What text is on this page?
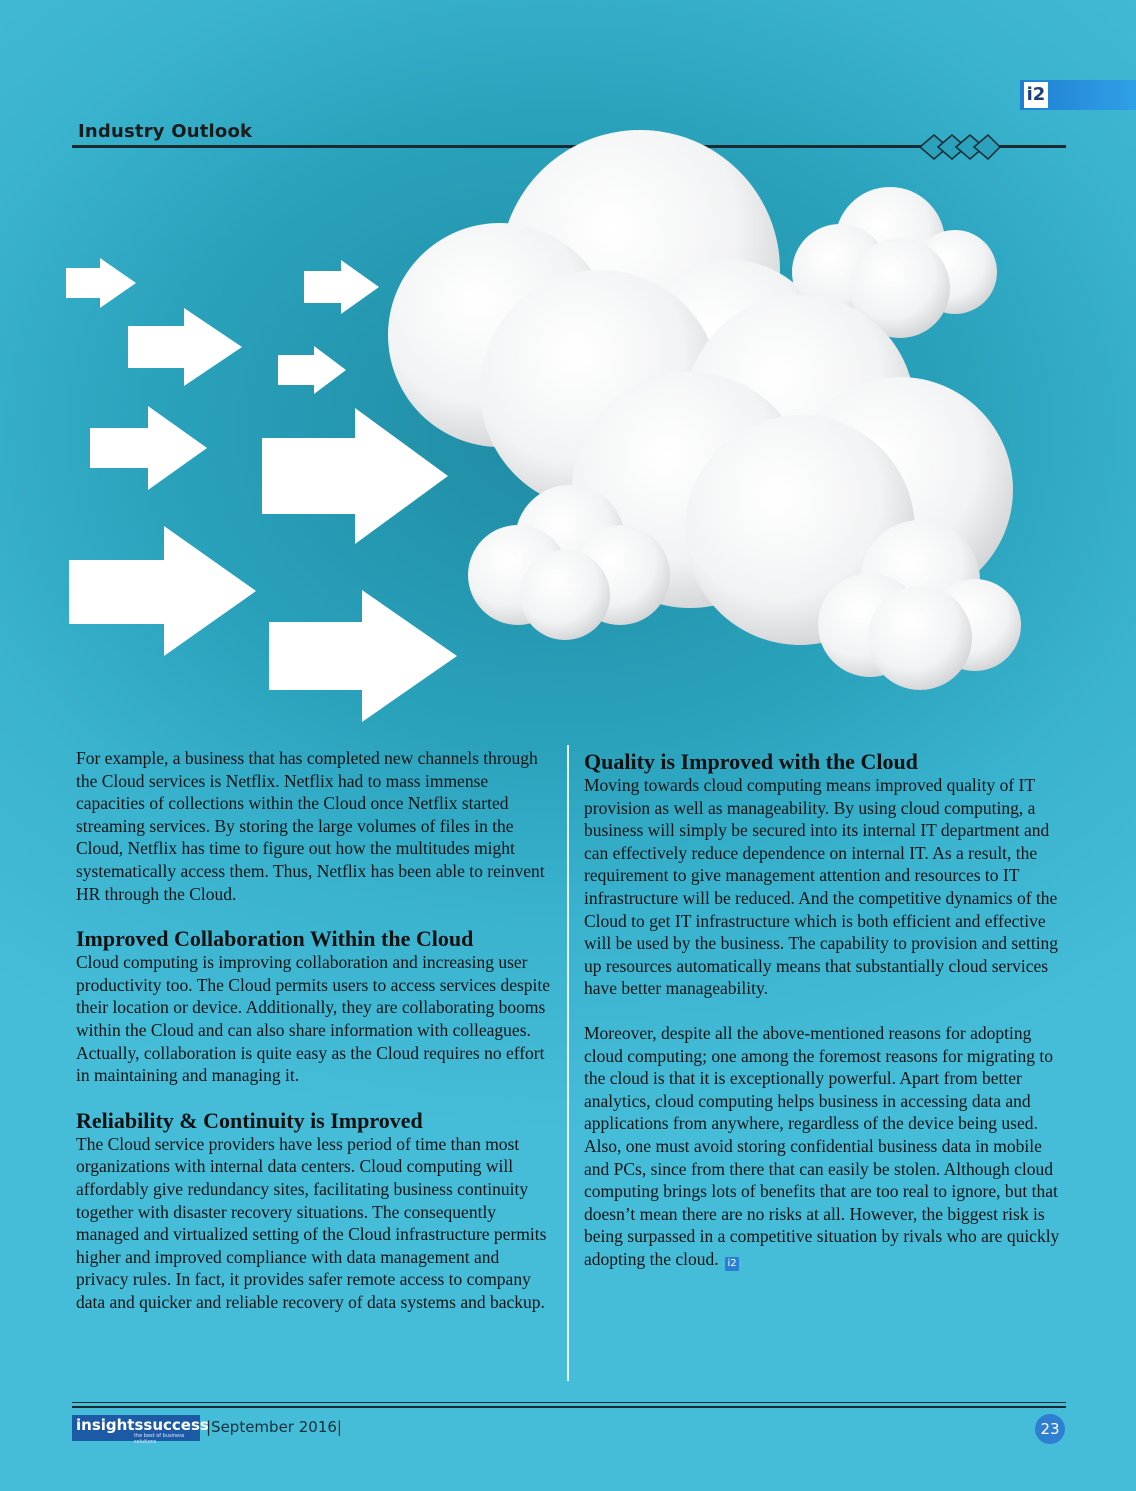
i2
Industry Outlook

For example, a business that has completed new channels through the Cloud services is Netflix. Netflix had to mass immense capacities of collections within the Cloud once Netflix started streaming services. By storing the large volumes of files in the Cloud, Netflix has time to figure out how the multitudes might systematically access them. Thus, Netflix has been able to reinvent HR through the Cloud.

Improved Collaboration Within the Cloud

Cloud computing is improving collaboration and increasing user productivity too. The Cloud permits users to access services despite their location or device. Additionally, they are collaborating booms within the Cloud and can also share information with colleagues. Actually, collaboration is quite easy as the Cloud requires no effort in maintaining and managing it.

Reliability & Continuity is Improved

The Cloud service providers have less period of time than most organizations with internal data centers. Cloud computing will affordably give redundancy sites, facilitating business continuity together with disaster recovery situations. The consequently managed and virtualized setting of the Cloud infrastructure permits higher and improved compliance with data management and privacy rules. In fact, it provides safer remote access to company data and quicker and reliable recovery of data systems and backup.

Quality is Improved with the Cloud

Moving towards cloud computing means improved quality of IT provision as well as manageability. By using cloud computing, a business will simply be secured into its internal IT department and can effectively reduce dependence on internal IT. As a result, the requirement to give management attention and resources to IT infrastructure will be reduced. And the competitive dynamics of the Cloud to get IT infrastructure which is both efficient and effective will be used by the business. The capability to provision and setting up resources automatically means that substantially cloud services have better manageability.

Moreover, despite all the above-mentioned reasons for adopting cloud computing; one among the foremost reasons for migrating to the cloud is that it is exceptionally powerful. Apart from better analytics, cloud computing helps business in accessing data and applications from anywhere, regardless of the device being used. Also, one must avoid storing confidential business data in mobile and PCs, since from there that can easily be stolen. Although cloud computing brings lots of benefits that are too real to ignore, but that doesn’t mean there are no risks at all. However, the biggest risk is being surpassed in a competitive situation by rivals who are quickly adopting the cloud. i2

insightssuccess
the best of business solutions
|September 2016|	23
